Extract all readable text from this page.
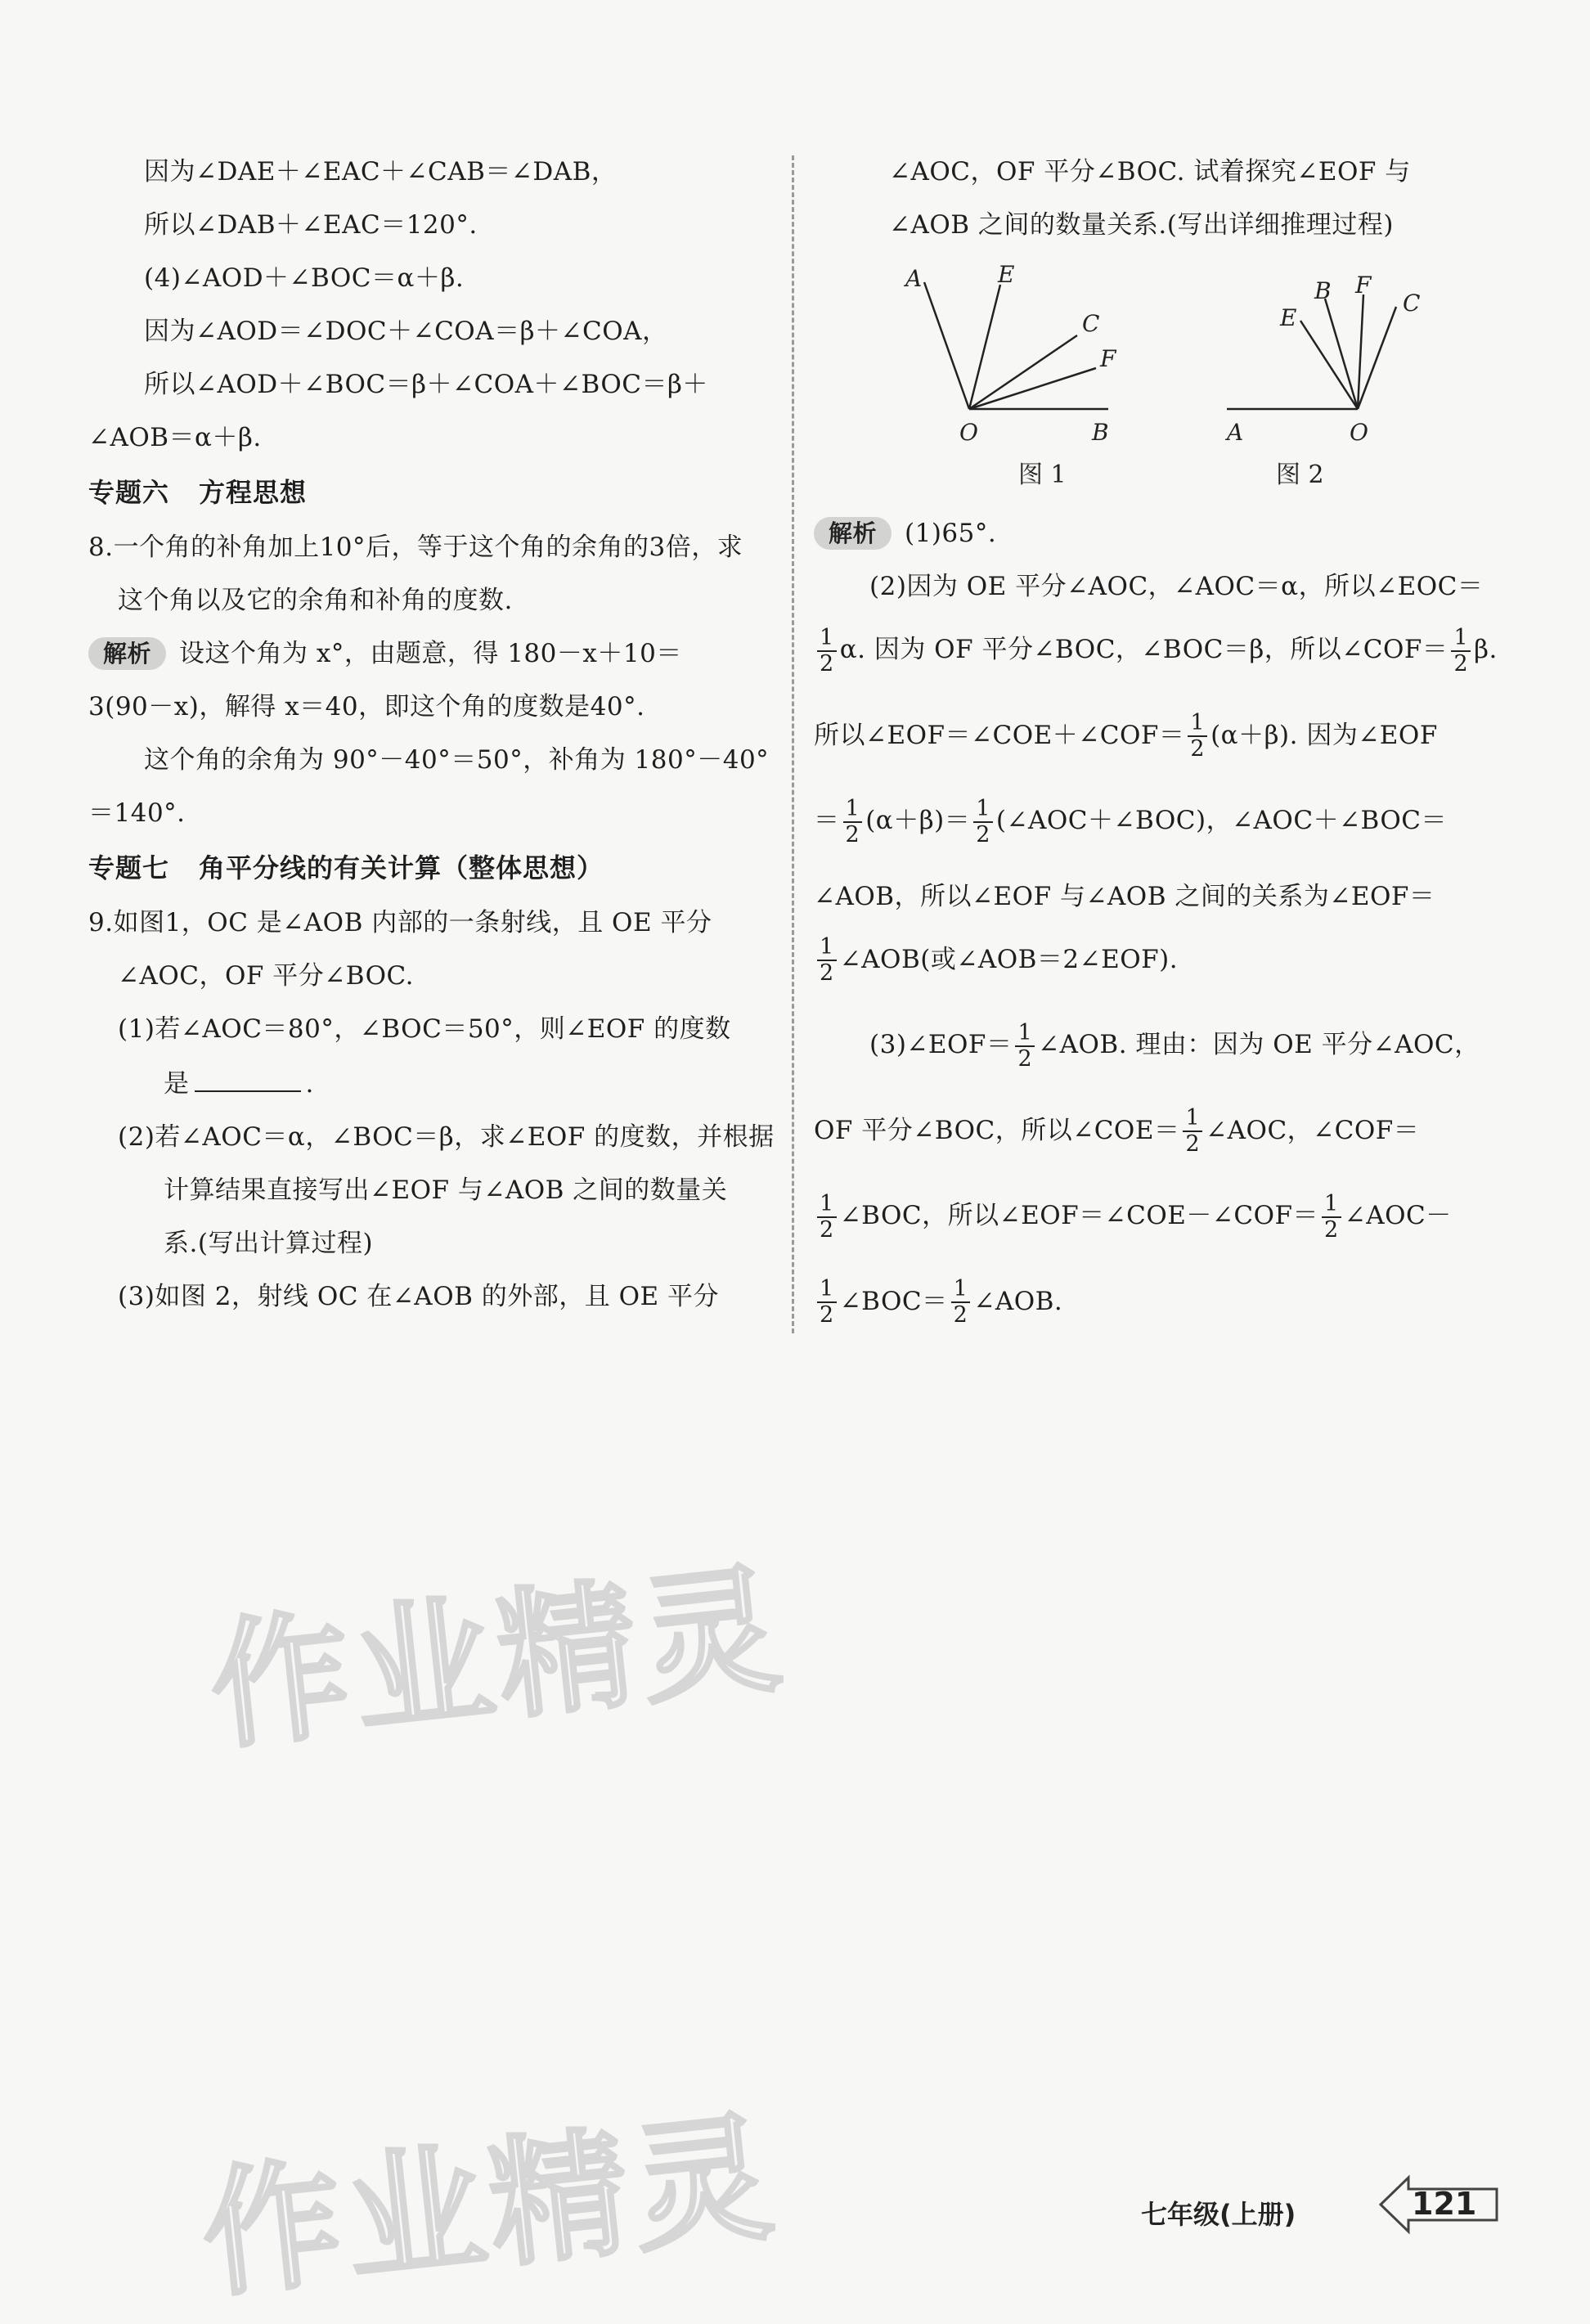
因为∠DAE＋∠EAC＋∠CAB＝∠DAB，
所以∠DAB＋∠EAC＝120°.
(4)∠AOD＋∠BOC＝α＋β.
因为∠AOD＝∠DOC＋∠COA＝β＋∠COA，
所以∠AOD＋∠BOC＝β＋∠COA＋∠BOC＝β＋
∠AOB＝α＋β.
专题六 方程思想
8.一个角的补角加上10°后，等于这个角的余角的3倍，求
这个角以及它的余角和补角的度数.
解析 设这个角为 x°，由题意，得 180－x＋10＝
3(90－x)，解得 x＝40，即这个角的度数是40°.
这个角的余角为 90°－40°＝50°，补角为 180°－40°
＝140°.
专题七 角平分线的有关计算（整体思想）
9.如图1，OC 是∠AOB 内部的一条射线，且 OE 平分
∠AOC，OF 平分∠BOC.
(1)若∠AOC＝80°，∠BOC＝50°，则∠EOF 的度数
是	.
(2)若∠AOC＝α，∠BOC＝β，求∠EOF 的度数，并根据
计算结果直接写出∠EOF 与∠AOB 之间的数量关
系.(写出计算过程)
(3)如图 2，射线 OC 在∠AOB 的外部，且 OE 平分
∠AOC，OF 平分∠BOC. 试着探究∠EOF 与
∠AOB 之间的数量关系.(写出详细推理过程)
A	E
C
F
O	B
图 1
B F
E
C
A	O
图 2
解析 (1)65°.
(2)因为 OE 平分∠AOC，∠AOC＝α，所以∠EOC＝
$\frac{1}{2} \alpha$. 因为 OF 平分∠BOC，∠BOC＝β，所以∠COF＝ $\frac{1}{2} \beta$.
所以∠EOF＝∠COE＋∠COF＝ $\frac{1}{2} (\alpha+\beta)$. 因为∠EOF
＝ $\frac{1}{2} (\alpha+\beta)= \frac{1}{2}$ (∠AOC＋∠BOC)，∠AOC＋∠BOC＝
∠AOB，所以∠EOF 与∠AOB 之间的关系为∠EOF＝
$\frac{1}{2}$ ∠AOB(或∠AOB＝2∠EOF).
(3)∠EOF＝ $\frac{1}{2}$ ∠AOB. 理由：因为 OE 平分∠AOC，
OF 平分∠BOC，所以∠COE＝ $\frac{1}{2}$ ∠AOC，∠COF＝
$\frac{1}{2}$ ∠BOC，所以∠EOF＝∠COE－∠COF＝ $\frac{1}{2}$ ∠AOC－
$\frac{1}{2}$ ∠BOC＝ $\frac{1}{2}$ ∠AOB.
作业精灵
作业精灵	七年级(上册)	121
